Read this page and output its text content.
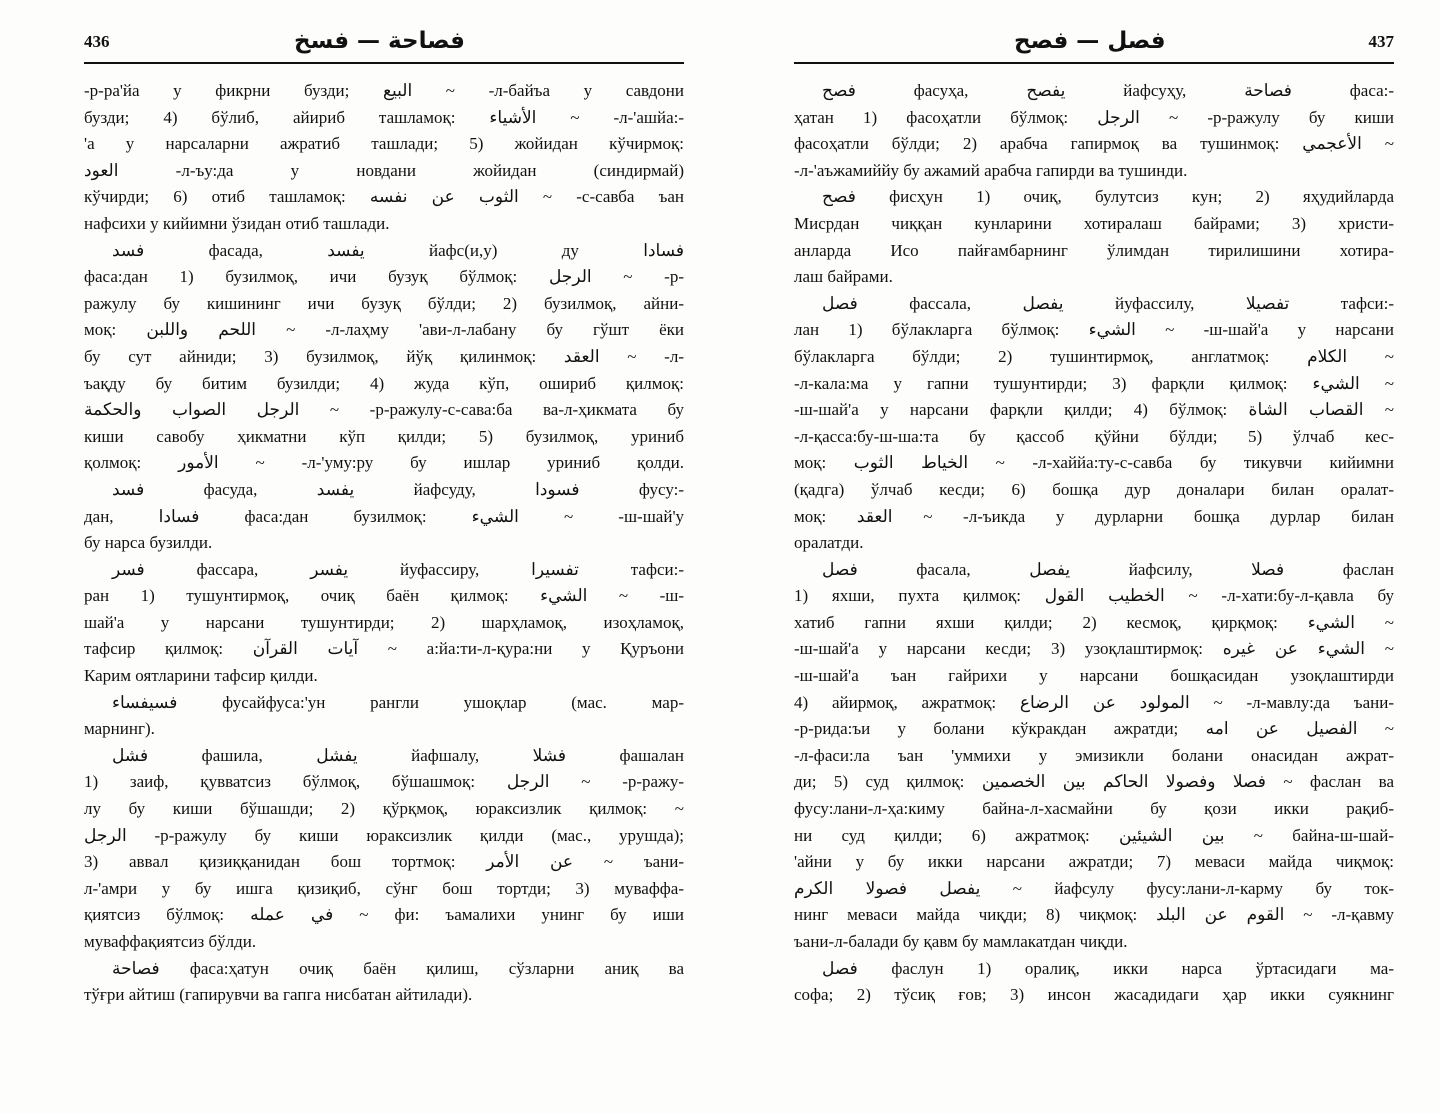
436	فصاحة — فسخ
-р-ра'йа у фикрни бузди; البيع ~ -л-байъа у савдони
бузди; 4) бўлиб, айириб ташламоқ: الأشياء ~ -л-'ашйа:-
'а у нарсаларни ажратиб ташлади; 5) жойидан кўчирмоқ:
العود -л-ъу:да у новдани жойидан (синдирмай)
кўчирди; 6) отиб ташламоқ: الثوب عن نفسه ~ -с-савба ъан
нафсихи у кийимни ўзидан отиб ташлади.
فسد фасада, يفسد йафс(и,у) ду فسادا
фаса:дан 1) бузилмоқ, ичи бузуқ бўлмоқ: الرجل ~ -р-
ражулу бу кишининг ичи бузуқ бўлди; 2) бузилмоқ, айни-
моқ: اللحم واللبن ~ -л-лаҳму 'ави-л-лабану бу гўшт ёки
бу сут айниди; 3) бузилмоқ, йўқ қилинмоқ: العقد ~ -л-
ъақду бу битим бузилди; 4) жуда кўп, ошириб қилмоқ:
الرجل الصواب والحكمة ~ -р-ражулу-с-сава:ба ва-л-ҳикмата бу
киши савобу ҳикматни кўп қилди; 5) бузилмоқ, уриниб
қолмоқ: الأمور ~ -л-'уму:ру бу ишлар уриниб қолди.
فسد фасуда, يفسد йафсуду, فسودا фусу:-
дан, فسادا фаса:дан бузилмоқ: الشيء ~ -ш-шай'у
бу нарса бузилди.
فسر фассара, يفسر йуфассиру, تفسيرا тафси:-
ран 1) тушунтирмоқ, очиқ баён қилмоқ: الشيء ~ -ш-
шай'а у нарсани тушунтирди; 2) шарҳламоқ, изоҳламоқ,
тафсир қилмоқ: آيات القرآن ~ а:йа:ти-л-қура:ни у Қуръони
Карим оятларини тафсир қилди.
فسيفساء фусайфуса:'ун рангли ушоқлар (мас. мар-
марнинг).
فشل фашила, يفشل йафшалу, فشلا фашалан
1) заиф, қувватсиз бўлмоқ, бўшашмоқ: الرجل ~ -р-ражу-
лу бу киши бўшашди; 2) қўрқмоқ, юраксизлик қилмоқ: ~
الرجل -р-ражулу бу киши юраксизлик қилди (мас., урушда);
3) аввал қизиққанидан бош тортмоқ: عن الأمر ~ ъани-
л-'амри у бу ишга қизиқиб, сўнг бош тортди; 3) муваффа-
қиятсиз бўлмоқ: في عمله ~ фи: ъамалихи унинг бу иши
муваффақиятсиз бўлди.
فصاحة фаса:ҳатун очиқ баён қилиш, сўзларни аниқ ва
тўғри айтиш (гапирувчи ва гапга нисбатан айтилади).
فصل — فصح	437
فصح фасуҳа, يفصح йафсуҳу, فصاحة фаса:-
ҳатан 1) фасоҳатли бўлмоқ: الرجل ~ -р-ражулу бу киши
фасоҳатли бўлди; 2) арабча гапирмоқ ва тушинмоқ: الأعجمي ~
-л-'аъжамиййу бу ажамий арабча гапирди ва тушинди.
فصح фисҳун 1) очиқ, булутсиз кун; 2) яҳудийларда
Мисрдан чиққан кунларини хотиралаш байрами; 3) христи-
анларда Исо пайғамбарнинг ўлимдан тирилишини хотира-
лаш байрами.
فصل фассала, يفصل йуфассилу, تفصيلا тафси:-
лан 1) бўлакларга бўлмоқ: الشيء ~ -ш-шай'а у нарсани
бўлакларга бўлди; 2) тушинтирмоқ, англатмоқ: الكلام ~
-л-кала:ма у гапни тушунтирди; 3) фарқли қилмоқ: الشيء ~
-ш-шай'а у нарсани фарқли қилди; 4) бўлмоқ: القصاب الشاة ~
-л-қасса:бу-ш-ша:та бу қассоб қўйни бўлди; 5) ўлчаб кес-
моқ: الخياط الثوب ~ -л-хаййа:ту-с-савба бу тикувчи кийимни
(қадга) ўлчаб кесди; 6) бошқа дур доналари билан оралат-
моқ: العقد ~ -л-ъикда у дурларни бошқа дурлар билан
оралатди.
فصل фасала, يفصل йафсилу, فصلا фаслан
1) яхши, пухта қилмоқ: الخطيب القول ~ -л-хати:бу-л-қавла бу
хатиб гапни яхши қилди; 2) кесмоқ, қирқмоқ: الشيء ~
-ш-шай'а у нарсани кесди; 3) узоқлаштирмоқ: الشيء عن غيره ~
-ш-шай'а ъан гайрихи у нарсани бошқасидан узоқлаштирди
4) айирмоқ, ажратмоқ: المولود عن الرضاع ~ -л-мавлу:да ъани-
-р-рида:ъи у болани кўкракдан ажратди; الفصيل عن امه ~
-л-фаси:ла ъан 'уммихи у эмизикли болани онасидан ажрат-
ди; 5) суд қилмоқ: فصلا وفصولا الحاكم بين الخصمين ~ фаслан ва
фусу:лани-л-ҳа:киму байна-л-хасмайни бу қози икки рақиб-
ни суд қилди; 6) ажратмоқ: بين الشيئين ~ байна-ш-шай-
'айни у бу икки нарсани ажратди; 7) меваси майда чиқмоқ:
يفصل فصولا الكرم ~ йафсулу фусу:лани-л-карму бу ток-
нинг меваси майда чиқди; 8) чиқмоқ: القوم عن البلد ~ -л-қавму
ъани-л-балади бу қавм бу мамлакатдан чиқди.
فصل фаслун 1) оралиқ, икки нарса ўртасидаги ма-
софа; 2) тўсиқ ғов; 3) инсон жасадидаги ҳар икки суякнинг
